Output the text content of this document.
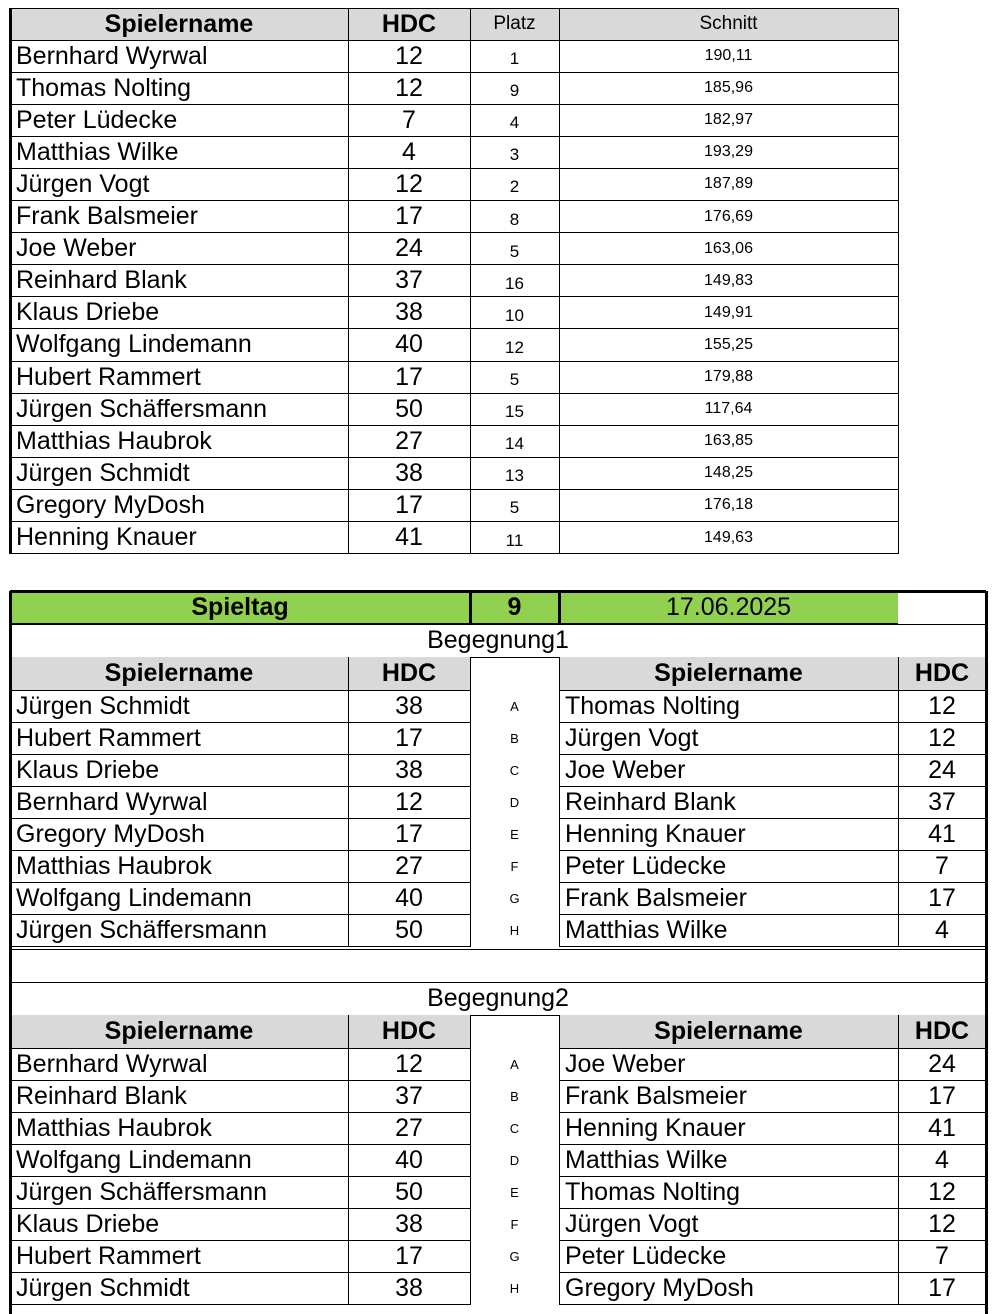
Spielername	HDC	Platz	Schnitt
Bernhard Wyrwal	12	1	190,11
Thomas Nolting	12	9	185,96
Peter Lüdecke	7	4	182,97
Matthias Wilke	4	3	193,29
Jürgen Vogt	12	2	187,89
Frank Balsmeier	17	8	176,69
Joe Weber	24	5	163,06
Reinhard Blank	37	16	149,83
Klaus Driebe	38	10	149,91
Wolfgang Lindemann	40	12	155,25
Hubert Rammert	17	5	179,88
Jürgen Schäffersmann	50	15	117,64
Matthias Haubrok	27	14	163,85
Jürgen Schmidt	38	13	148,25
Gregory MyDosh	17	5	176,18
Henning Knauer	41	11	149,63
Spieltag	9	17.06.2025
Begegnung1
Spielername	HDC	Spielername	HDC
Jürgen Schmidt	38	A	Thomas Nolting	12
Hubert Rammert	17	B	Jürgen Vogt	12
Klaus Driebe	38	C	Joe Weber	24
Bernhard Wyrwal	12	D	Reinhard Blank	37
Gregory MyDosh	17	E	Henning Knauer	41
Matthias Haubrok	27	F	Peter Lüdecke	7
Wolfgang Lindemann	40	G	Frank Balsmeier	17
Jürgen Schäffersmann	50	H	Matthias Wilke	4
Begegnung2
Spielername	HDC	Spielername	HDC
Bernhard Wyrwal	12	A	Joe Weber	24
Reinhard Blank	37	B	Frank Balsmeier	17
Matthias Haubrok	27	C	Henning Knauer	41
Wolfgang Lindemann	40	D	Matthias Wilke	4
Jürgen Schäffersmann	50	E	Thomas Nolting	12
Klaus Driebe	38	F	Jürgen Vogt	12
Hubert Rammert	17	G	Peter Lüdecke	7
Jürgen Schmidt	38	H	Gregory MyDosh	17
